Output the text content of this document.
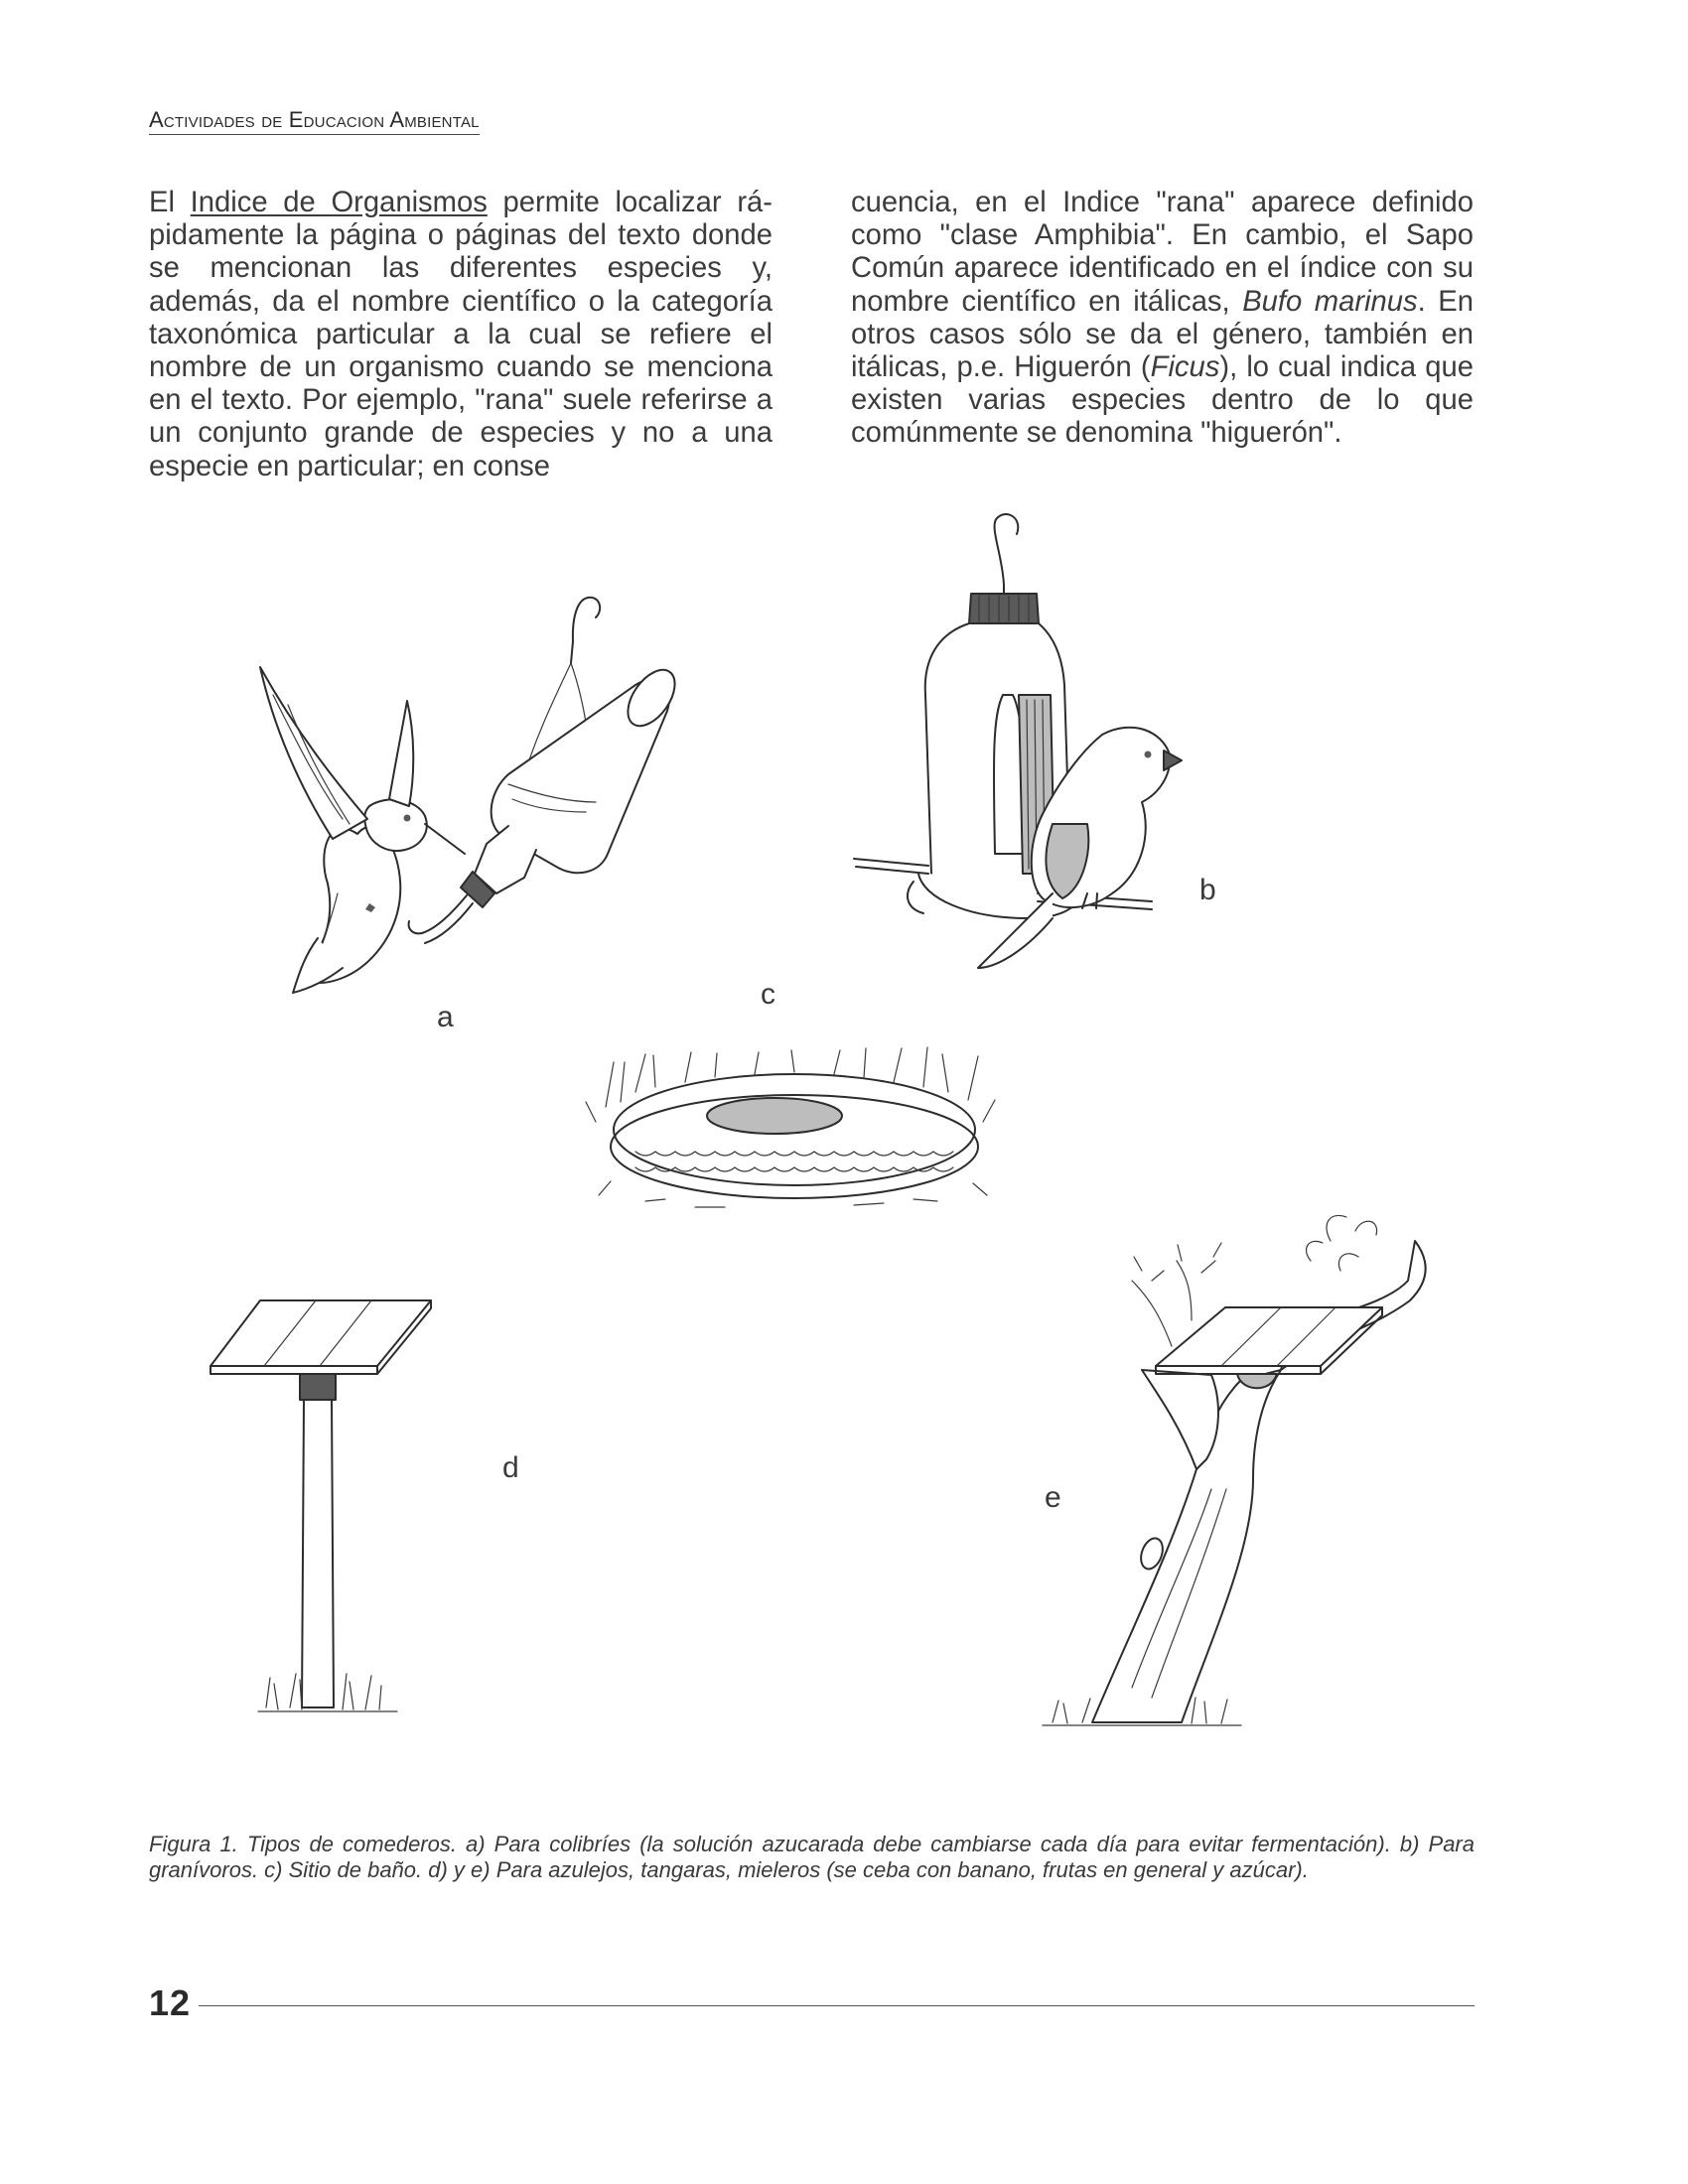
Actividades de Educacion Ambiental
El Indice de Organismos permite localizar rápidamente la página o páginas del texto donde se mencionan las diferentes especies y, además, da el nombre científico o la categoría taxonómica particular a la cual se refiere el nombre de un organismo cuando se menciona en el texto. Por ejemplo, "rana" suele referirse a un conjunto grande de especies y no a una especie en particular; en conse
cuencia, en el Indice "rana" aparece definido como "clase Amphibia". En cambio, el Sapo Común aparece identificado en el índice con su nombre científico en itálicas, Bufo marinus. En otros casos sólo se da el género, también en itálicas, p.e. Higuerón (Ficus), lo cual indica que existen varias especies dentro de lo que comúnmente se denomina "higuerón".
a
b
c
d
e
Figura 1. Tipos de comederos. a) Para colibríes (la solución azucarada debe cambiarse cada día para evitar fermentación). b) Para granívoros. c) Sitio de baño. d) y e) Para azulejos, tangaras, mieleros (se ceba con banano, frutas en general y azúcar).
12
